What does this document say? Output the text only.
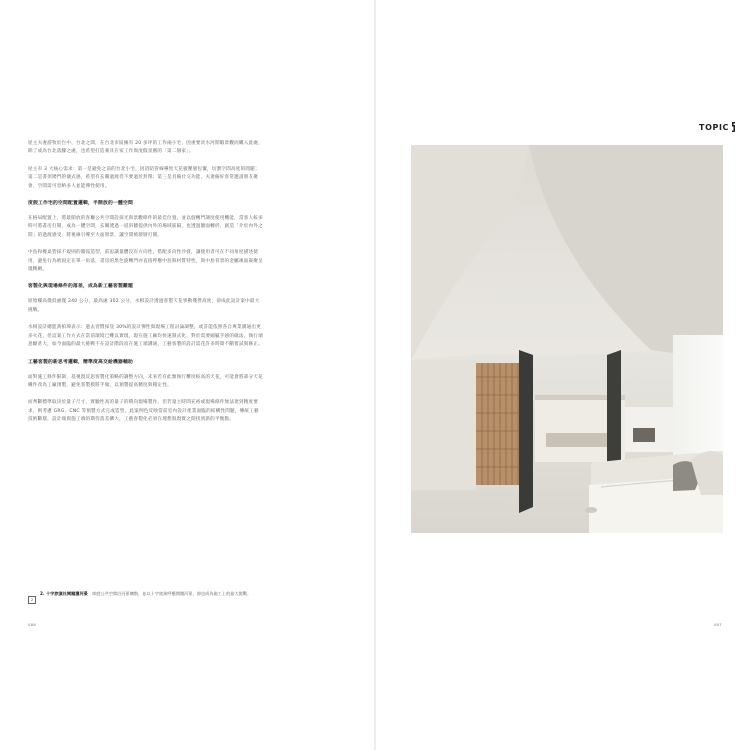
屋主夫妻游牧於台中、台北之間，在台北市區擁有 20 多坪的工作兩小宅，因重要淡水河閒暇景觀而購入此處，除了成為台北落腳之處，也希望打造兼具在家工作與度假氛圍的「第二個家」。

屋主有 3 大核心需求：第一是避免之前的台北小宅，因消防管線導致天花板壓層包覆，切割空間高度的問題；第二是書須矮門的儀式感，希望有玄關過渡但不要過於封閉；第三是具備社交功能，夫妻倆好客常邀請朋友聚會，空間需可容納多人並能彈性使用。

度假工作宅的空間配置邏輯，半開放的一體空間

在格局配置上，將最開放的客廳公共空間設採光與景觀條件的最佳位置，並以旋轉門調度使用機能，當客人較多時可將書房打開，成為一體空間，玄關透過一道斜牆提供內外的場域區隔，也透過牆面轉折，創造「介於內外之間」的過渡感受，將視線引導至大面窗景，讓空間被層層打開。

中島和餐桌皆採不規則的圓弧造型，前思讓量體沒有方向性，搭配多向性沙發，讓使用者可在不同角度描述使用，避免行為被固定在單一角落，書房的黑色旋轉門亦直接呼應中島與材質特性，與中島背景的金屬凍面凝聚呈現精緻。

客製化與現場條件的落差，成為新工藝客製難題

原始樓高僅低處僅 240 公分，最高處 302 公分，水相設計透過客製天花事動殘營高度，卻成此設計案中最大挑戰。

水相設計總監黃柏瑋表示：過去習慣採登 30%的設計彈性與現場工程討論調整，或許能依照各自專業溝通出更多火花，但這案工作方式在當前環境已難以實現，現在施工廠均快速制式化，對於需要細膩手感的做法，執行端意願甚大，如今面臨的最大挑戰不在設計階段而在施工端溝通，工藝客製的設計需花許多時間不斷嘗試與修正。

工藝客製的新思考邏輯，精準度高交給機器輔助

面對施工條件限制，基視現反思客製化策略的調整方向，未來若有此類執行難度較高的天花，可能會將部分天花構件改為工廠預製，避免客製模將手做，以預製提高精度與穩定性。

而判斷標準取決於量子尺寸、實驗性高的量子的積向現場製作，但若量主時間充裕或現場條件無法達到精度要求，則考慮 GRG、CNC 等預製方式完成造型，此案例色反映當前室內設計產業面臨的結構性問題，傳統工藝技術斷層，設計端與施工端的期待落差擴大，工藝客製化必須在理想與現實之間找到新的平衡點。

22. 十字旅演社開闊濃河景　 車庭公共空間沿河景擴散，並以十字旅演呼應開闊河景，卻也成為施工上的最大挑戰。
086
TOPIC
087
